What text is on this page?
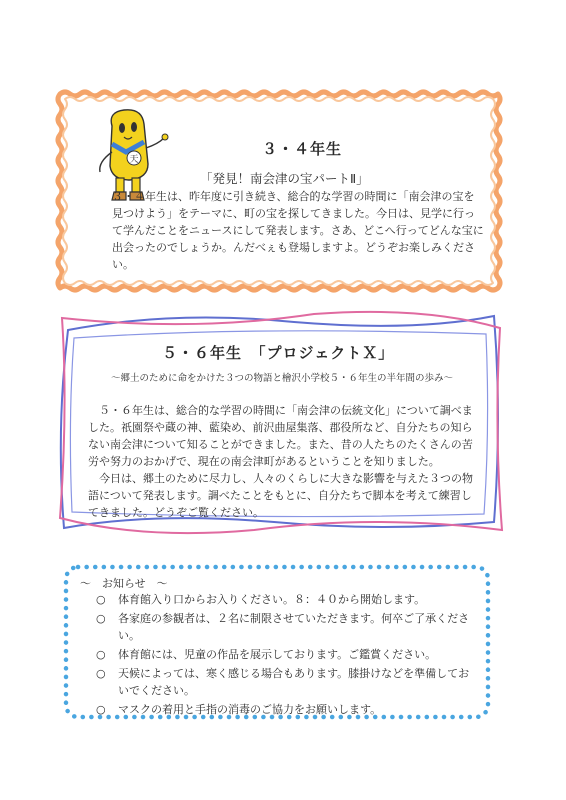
天
３・４年生
「発見！南会津の宝パートⅡ」
３・４年生は、昨年度に引き続き、総合的な学習の時間に「南会津の宝を見つけよう」をテーマに、町の宝を探してきました。今日は、見学に行って学んだことをニュースにして発表します。さあ、どこへ行ってどんな宝に出会ったのでしょうか。んだべぇも登場しますよ。どうぞお楽しみください。
５・６年生　「プロジェクトＸ」
～郷土のために命をかけた３つの物語と檜沢小学校５・６年生の半年間の歩み～
５・６年生は、総合的な学習の時間に「南会津の伝統文化」について調べました。祇園祭や蔵の神、藍染め、前沢曲屋集落、郡役所など、自分たちの知らない南会津について知ることができました。また、昔の人たちのたくさんの苦労や努力のおかげで、現在の南会津町があるということを知りました。
今日は、郷土のために尽力し、人々のくらしに大きな影響を与えた３つの物語について発表します。調べたことをもとに、自分たちで脚本を考えて練習してきました。どうぞご覧ください。
～　お知らせ　～
○	体育館入り口からお入りください。８：４０から開始します。
○	各家庭の参観者は、２名に制限させていただきます。何卒ご了承ください。
○	体育館には、児童の作品を展示しております。ご鑑賞ください。
○	天候によっては、寒く感じる場合もあります。膝掛けなどを準備しておいでください。
○	マスクの着用と手指の消毒のご協力をお願いします。
